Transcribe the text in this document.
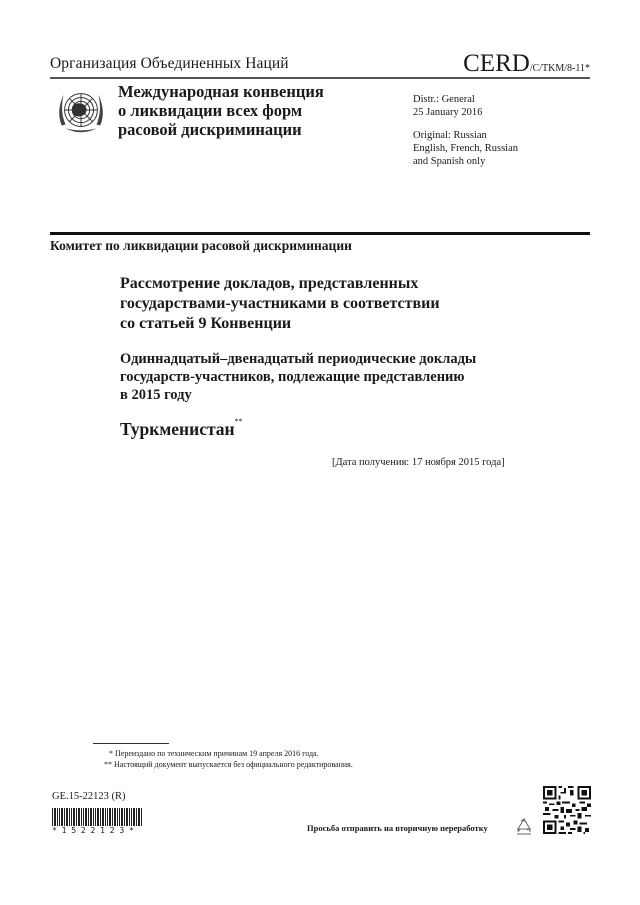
Организация Объединенных Наций	CERD/C/TKM/8-11*
Международная конвенция
о ликвидации всех форм
расовой дискриминации

Distr.: General

25 January 2016

Original: Russian

English, French, Russian

and Spanish only

Комитет по ликвидации расовой дискриминации
Рассмотрение докладов, представленных
государствами-участниками в соответствии
со статьей 9 Конвенции
Одиннадцатый–двенадцатый периодические доклады
государств-участников, подлежащие представлению
в 2015 году
Туркменистан**
[Дата получения: 17 ноября 2015 года]

* Переиздано по техническим причинам 19 апреля 2016 года.

** Настоящий документ выпускается без официального редактирования.

GE.15-22123 (R)
*1522123*	Просьба отправить на вторичную переработку
